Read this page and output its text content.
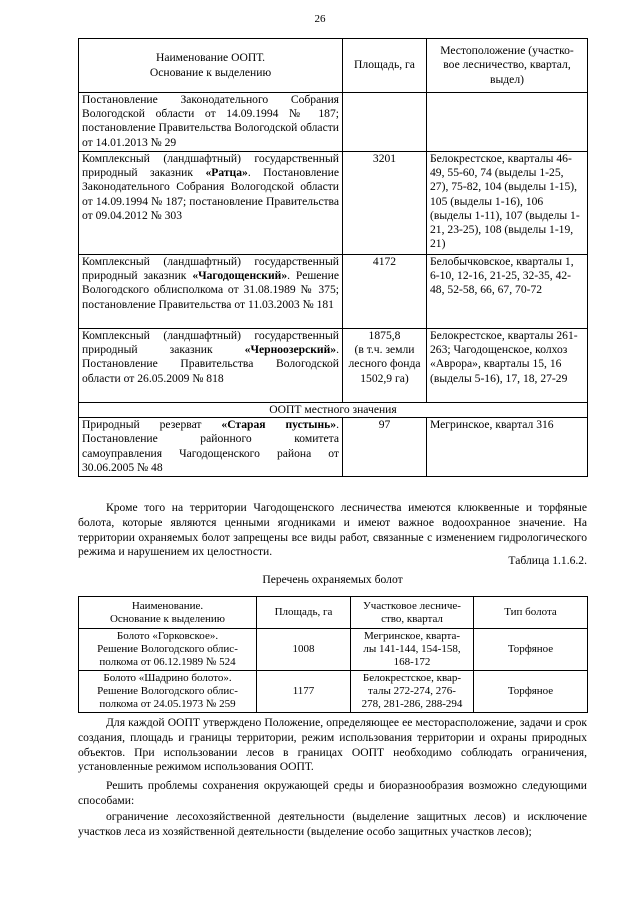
26
Наименование ООПТ.
Основание к выделению	Площадь, га	Местоположение (участко-
вое лесничество, квартал,
выдел)
Постановление Законодательного Собрания Вологодской области от 14.09.1994 № 187; постановление Правительства Вологодской области от 14.01.2013 № 29		
Комплексный (ландшафтный) государственный природный заказник «Ратца». Постановление Законодательного Собрания Вологодской области от 14.09.1994 № 187; постановление Правительства от 09.04.2012 № 303	3201	Белокрестское, кварталы 46-49, 55-60, 74 (выделы 1-25, 27), 75-82, 104 (выделы 1-15), 105 (выделы 1-16), 106 (выделы 1-11), 107 (выделы 1-21, 23-25), 108 (выделы 1-19, 21)
Комплексный (ландшафтный) государственный природный заказник «Чагодощенский». Решение Вологодского облисполкома от 31.08.1989 № 375; постановление Правительства от 11.03.2003 № 181	4172	Белобычковское, кварталы 1, 6-10, 12-16, 21-25, 32-35, 42-48, 52-58, 66, 67, 70-72
Комплексный (ландшафтный) государственный природный заказник «Черноозерский». Постановление Правительства Вологодской области от 26.05.2009 № 818	1875,8
(в т.ч. земли
лесного фонда
1502,9 га)	Белокрестское, кварталы 261-263; Чагодощенское, колхоз «Аврора», кварталы 15, 16 (выделы 5-16), 17, 18, 27-29
ООПТ местного значения		
Природный резерват «Старая пустынь». Постановление районного комитета самоуправления Чагодощенского района от 30.06.2005 № 48	97	Мегринское, квартал 316

Кроме того на территории Чагодощенского лесничества имеются клюквенные и торфяные болота, которые являются ценными ягодниками и имеют важное водоохранное значение. На территории охраняемых болот запрещены все виды работ, связанные с изменением гидрологического режима и нарушением их целостности.

Таблица 1.1.6.2.
Перечень охраняемых болот
Наименование.
Основание к выделению	Площадь, га	Участковое лесниче-
ство, квартал	Тип болота
Болото «Горковское».
Решение Вологодского облис-
полкома от 06.12.1989 № 524	1008	Мегринское, кварта-
лы 141-144, 154-158,
168-172	Торфяное
Болото «Шадрино болото».
Решение Вологодского облис-
полкома от 24.05.1973 № 259	1177	Белокрестское, квар-
талы 272-274, 276-
278, 281-286, 288-294	Торфяное

Для каждой ООПТ утверждено Положение, определяющее ее месторасположение, задачи и срок создания, площадь и границы территории, режим использования территории и охраны природных объектов. При использовании лесов в границах ООПТ необходимо соблюдать ограничения, установленные режимом использования ООПТ.

Решить проблемы сохранения окружающей среды и биоразнообразия возможно следующими способами:

ограничение лесохозяйственной деятельности (выделение защитных лесов) и исключение участков леса из хозяйственной деятельности (выделение особо защитных участков лесов);
